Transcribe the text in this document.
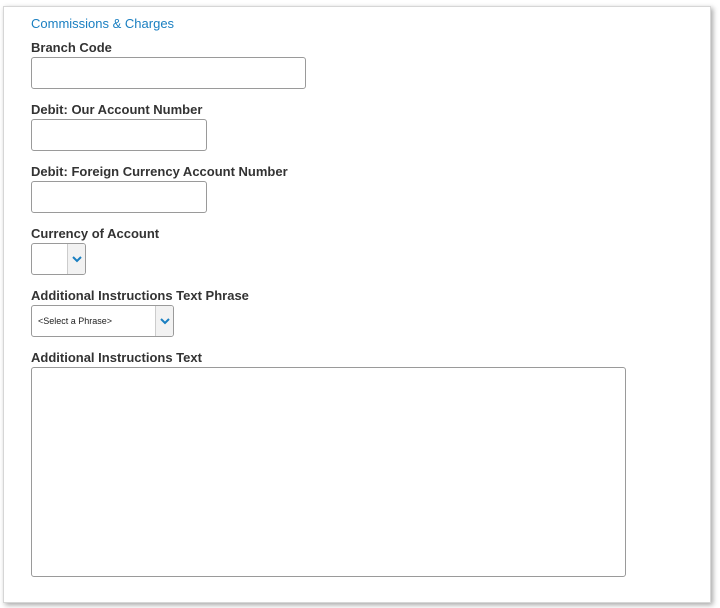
Commissions & Charges
Branch Code
Debit: Our Account Number
Debit: Foreign Currency Account Number
Currency of Account
Additional Instructions Text Phrase
<Select a Phrase>
Additional Instructions Text
